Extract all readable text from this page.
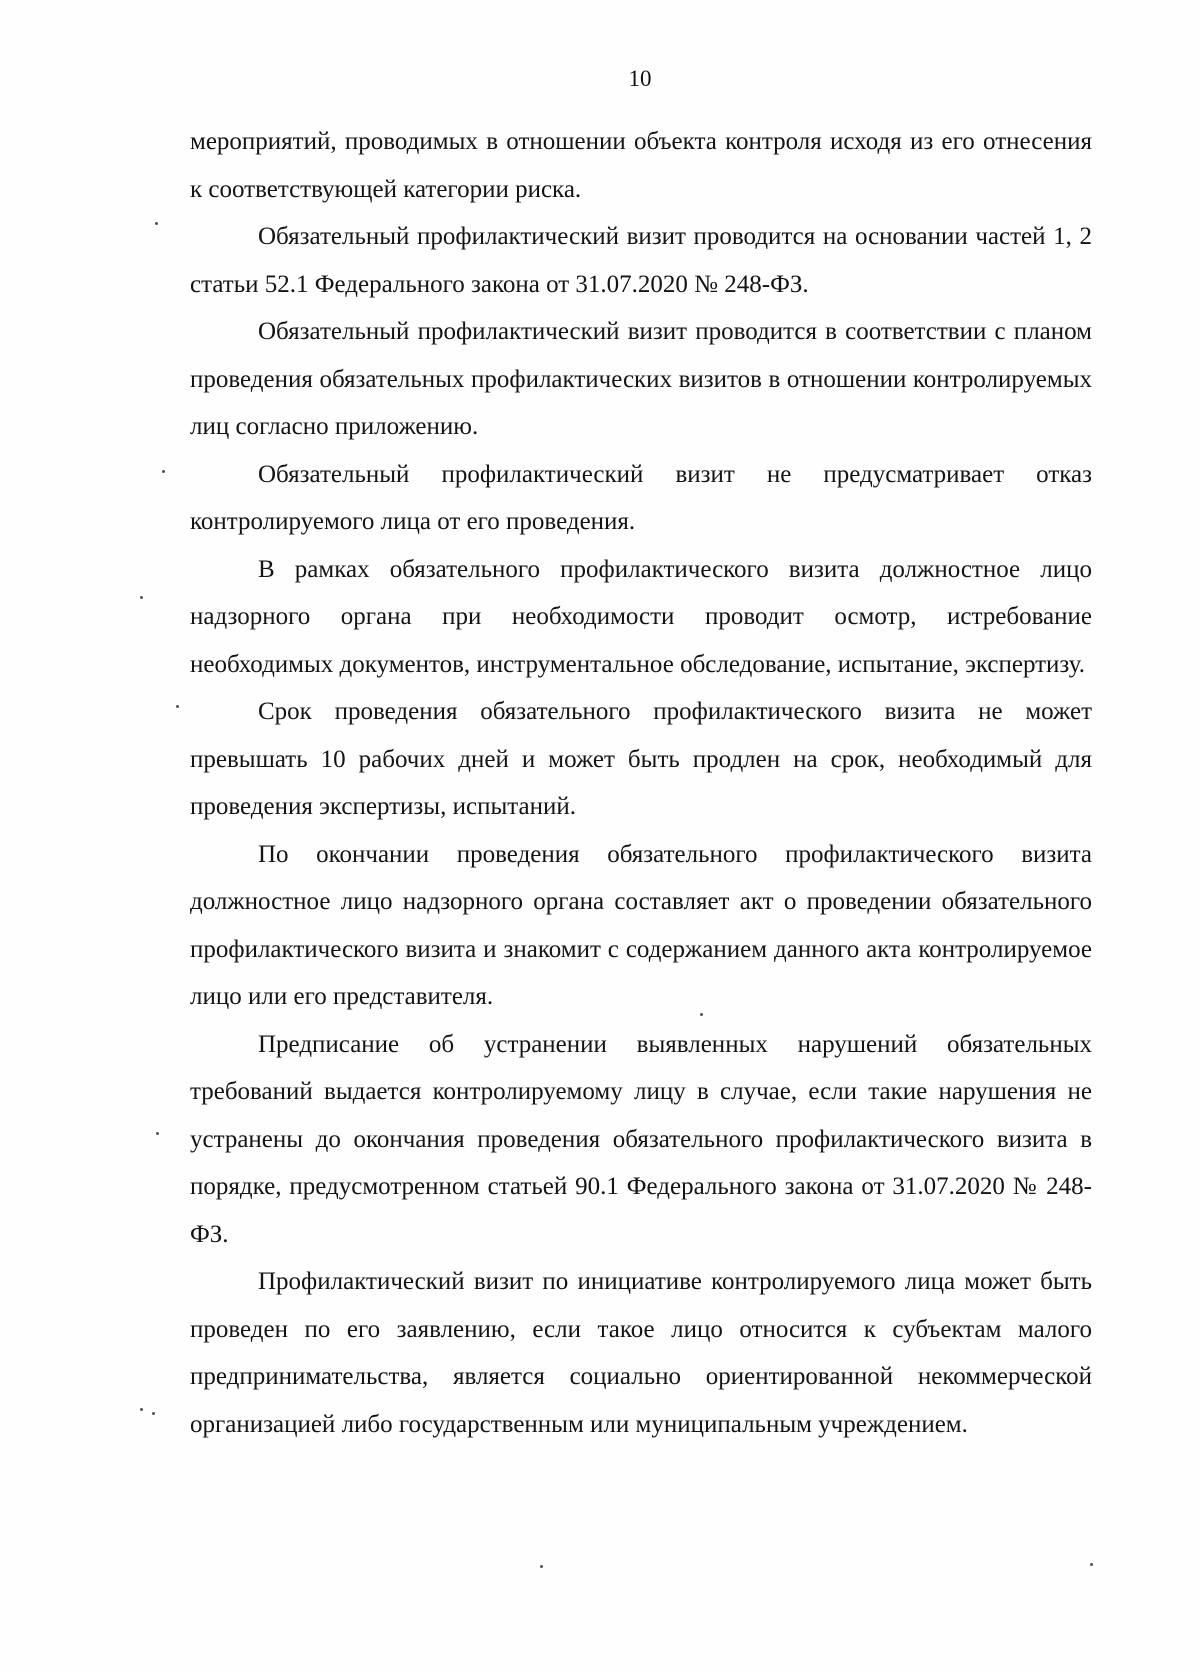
10

мероприятий, проводимых в отношении объекта контроля исходя из его отнесения к соответствующей категории риска.

Обязательный профилактический визит проводится на основании частей 1, 2 статьи 52.1 Федерального закона от 31.07.2020 № 248-ФЗ.

Обязательный профилактический визит проводится в соответствии с планом проведения обязательных профилактических визитов в отношении контролируемых лиц согласно приложению.

Обязательный профилактический визит не предусматривает отказ контролируемого лица от его проведения.

В рамках обязательного профилактического визита должностное лицо надзорного органа при необходимости проводит осмотр, истребование необходимых документов, инструментальное обследование, испытание, экспертизу.

Срок проведения обязательного профилактического визита не может превышать 10 рабочих дней и может быть продлен на срок, необходимый для проведения экспертизы, испытаний.

По окончании проведения обязательного профилактического визита должностное лицо надзорного органа составляет акт о проведении обязательного профилактического визита и знакомит с содержанием данного акта контролируемое лицо или его представителя.

Предписание об устранении выявленных нарушений обязательных требований выдается контролируемому лицу в случае, если такие нарушения не устранены до окончания проведения обязательного профилактического визита в порядке, предусмотренном статьей 90.1 Федерального закона от 31.07.2020 № 248-ФЗ.

Профилактический визит по инициативе контролируемого лица может быть проведен по его заявлению, если такое лицо относится к субъектам малого предпринимательства, является социально ориентированной некоммерческой организацией либо государственным или муниципальным учреждением.
